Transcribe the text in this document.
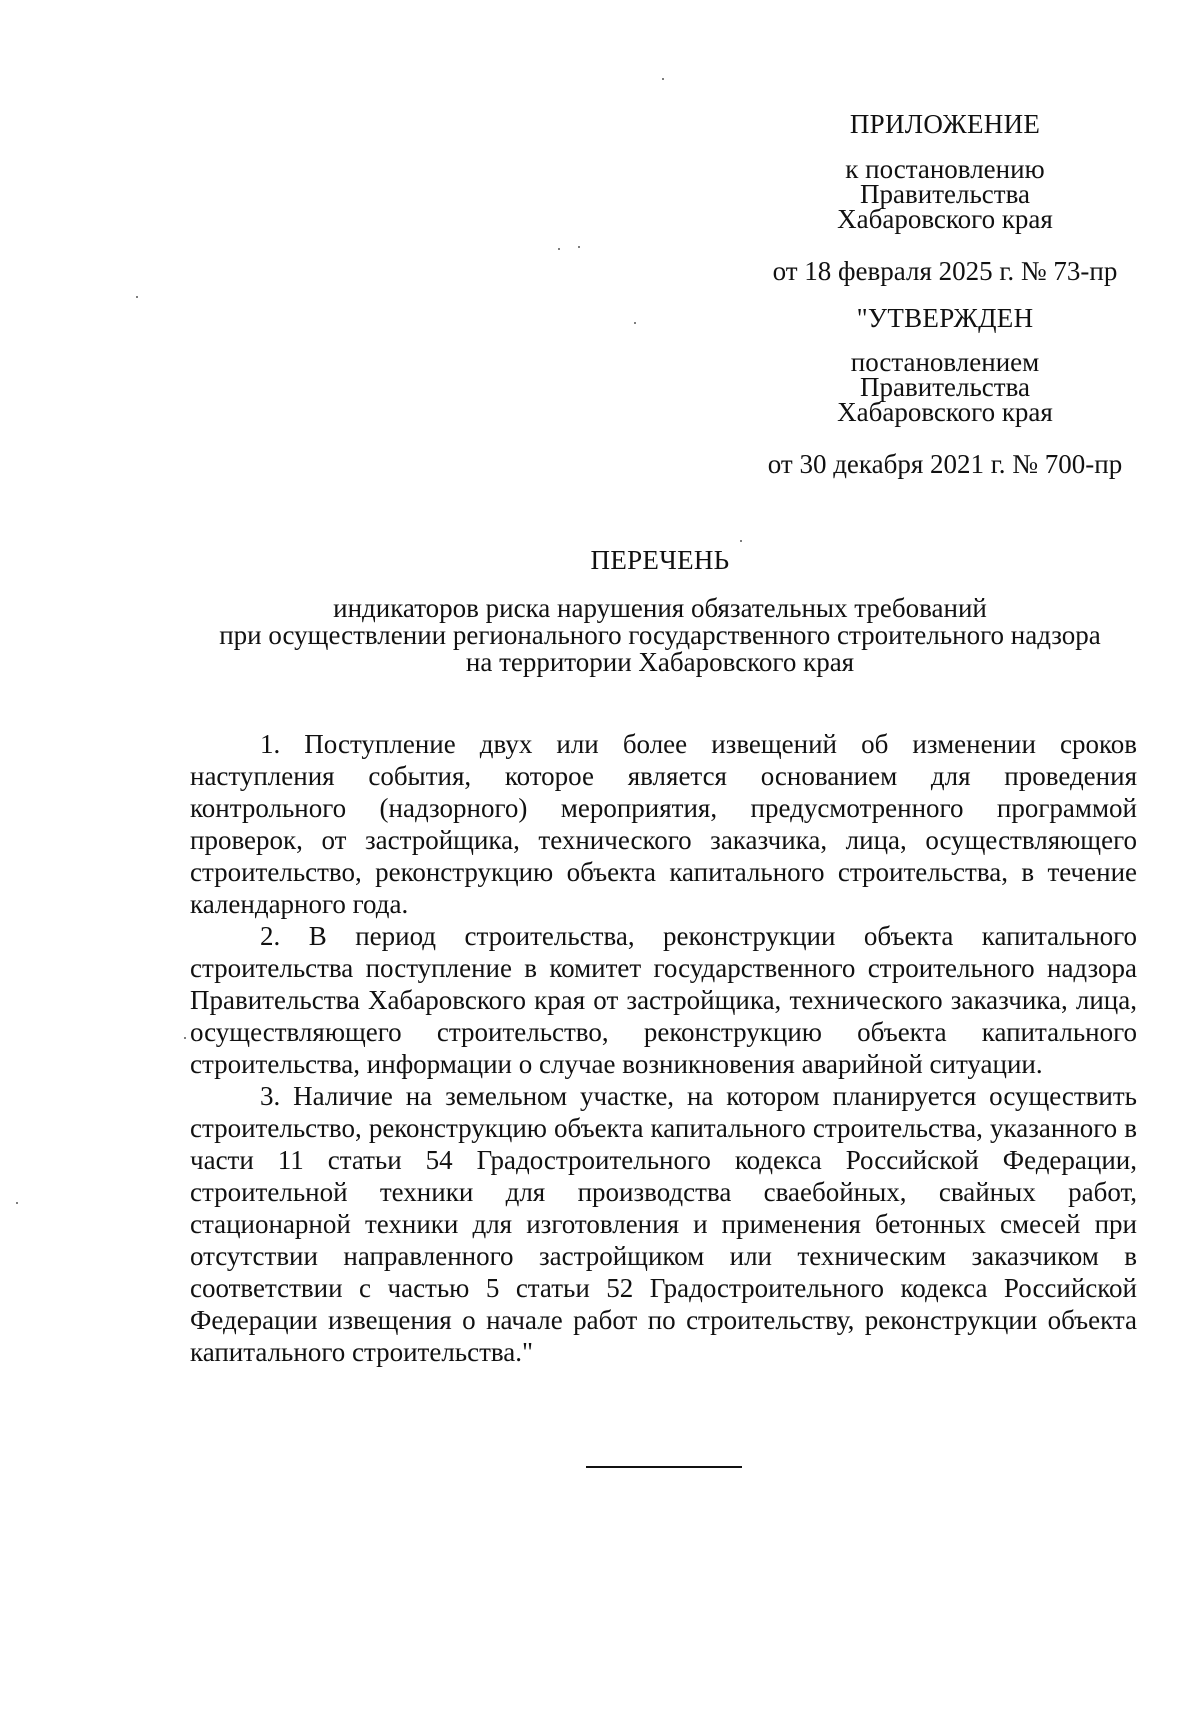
ПРИЛОЖЕНИЕ
к постановлению
Правительства
Хабаровского края
от 18 февраля 2025 г. № 73-пр
"УТВЕРЖДЕН
постановлением
Правительства
Хабаровского края
от 30 декабря 2021 г. № 700-пр
ПЕРЕЧЕНЬ
индикаторов риска нарушения обязательных требований
при осуществлении регионального государственного строительного надзора
на территории Хабаровского края

1. Поступление двух или более извещений об изменении сроков наступления события, которое является основанием для проведения контрольного (надзорного) мероприятия, предусмотренного программой проверок, от застройщика, технического заказчика, лица, осуществляющего строительство, реконструкцию объекта капитального строительства, в течение календарного года.

2. В период строительства, реконструкции объекта капитального строительства поступление в комитет государственного строительного надзора Правительства Хабаровского края от застройщика, технического заказчика, лица, осуществляющего строительство, реконструкцию объекта капитального строительства, информации о случае возникновения аварийной ситуации.

3. Наличие на земельном участке, на котором планируется осуществить строительство, реконструкцию объекта капитального строительства, указанного в части 11 статьи 54 Градостроительного кодекса Российской Федерации, строительной техники для производства сваебойных, свайных работ, стационарной техники для изготовления и применения бетонных смесей при отсутствии направленного застройщиком или техническим заказчиком в соответствии с частью 5 статьи 52 Градостроительного кодекса Российской Федерации извещения о начале работ по строительству, реконструкции объекта капитального строительства."
